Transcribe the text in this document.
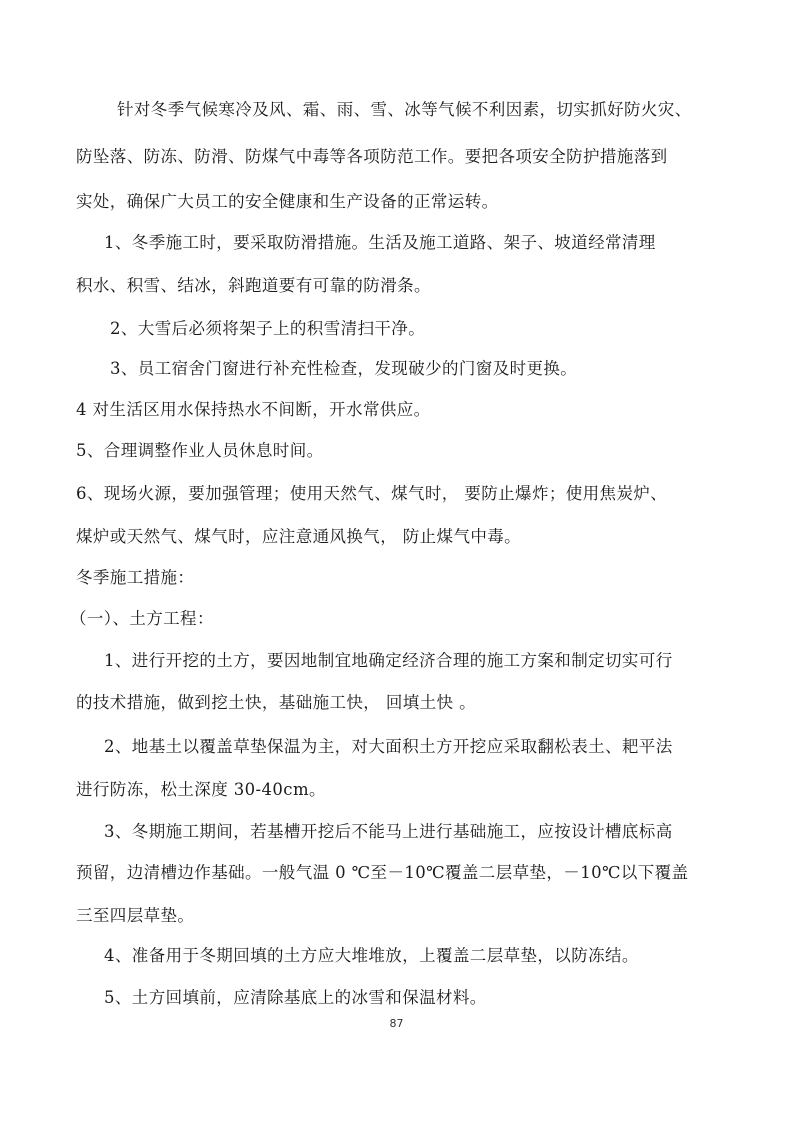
针对冬季气候寒冷及风、霜、雨、雪、冰等气候不利因素，切实抓好防火灾、
防坠落、防冻、防滑、防煤气中毒等各项防范工作。要把各项安全防护措施落到
实处，确保广大员工的安全健康和生产设备的正常运转。
1、冬季施工时，要采取防滑措施。生活及施工道路、架子、坡道经常清理
积水、积雪、结冰，斜跑道要有可靠的防滑条。
2、大雪后必须将架子上的积雪清扫干净。
3、员工宿舍门窗进行补充性检查，发现破少的门窗及时更换。
4 对生活区用水保持热水不间断，开水常供应。
5、合理调整作业人员休息时间。
6、现场火源，要加强管理；使用天然气、煤气时， 要防止爆炸；使用焦炭炉、
煤炉或天然气、煤气时，应注意通风换气， 防止煤气中毒。
冬季施工措施：
（一）、土方工程：
1、进行开挖的土方，要因地制宜地确定经济合理的施工方案和制定切实可行
的技术措施，做到挖土快，基础施工快， 回填土快 。
2、地基土以覆盖草垫保温为主，对大面积土方开挖应采取翻松表土、耙平法
进行防冻，松土深度 30-40cm。
3、冬期施工期间，若基槽开挖后不能马上进行基础施工，应按设计槽底标高
预留，边清槽边作基础。一般气温 0 ℃至－10℃覆盖二层草垫，－10℃以下覆盖
三至四层草垫。
4、准备用于冬期回填的土方应大堆堆放，上覆盖二层草垫，以防冻结。
5、土方回填前，应清除基底上的冰雪和保温材料。
87
